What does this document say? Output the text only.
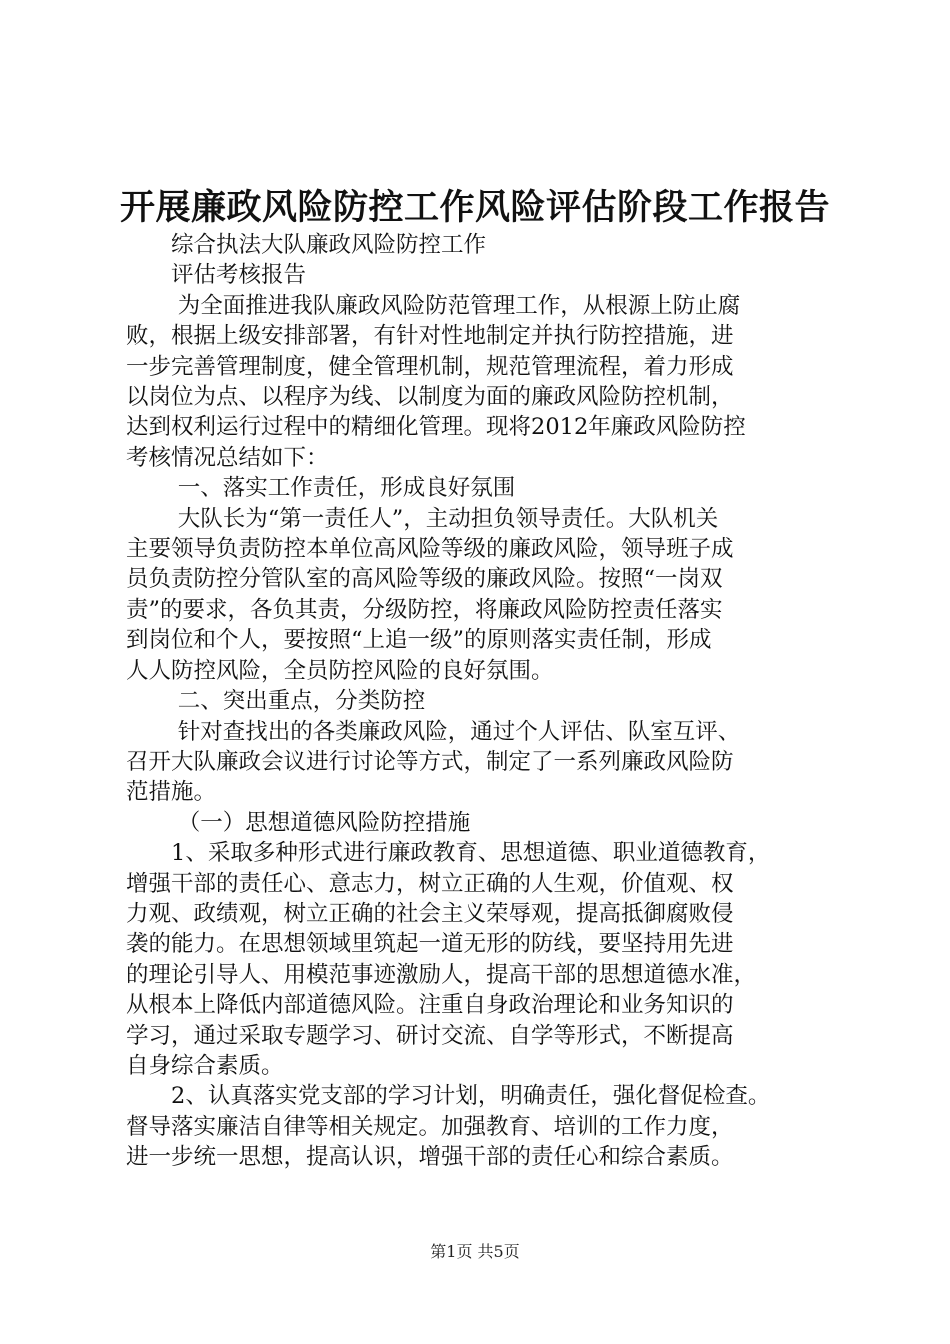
开展廉政风险防控工作风险评估阶段工作报告
综合执法大队廉政风险防控工作
评估考核报告
为全面推进我队廉政风险防范管理工作，从根源上防止腐
败，根据上级安排部署，有针对性地制定并执行防控措施，进
一步完善管理制度，健全管理机制，规范管理流程，着力形成
以岗位为点、以程序为线、以制度为面的廉政风险防控机制，
达到权利运行过程中的精细化管理。现将2012年廉政风险防控
考核情况总结如下：
一、落实工作责任，形成良好氛围
大队长为“第一责任人”，主动担负领导责任。大队机关
主要领导负责防控本单位高风险等级的廉政风险，领导班子成
员负责防控分管队室的高风险等级的廉政风险。按照“一岗双
责”的要求，各负其责，分级防控，将廉政风险防控责任落实
到岗位和个人，要按照“上追一级”的原则落实责任制，形成
人人防控风险，全员防控风险的良好氛围。
二、突出重点，分类防控
针对查找出的各类廉政风险，通过个人评估、队室互评、
召开大队廉政会议进行讨论等方式，制定了一系列廉政风险防
范措施。
（一）思想道德风险防控措施
1、采取多种形式进行廉政教育、思想道德、职业道德教育，
增强干部的责任心、意志力，树立正确的人生观，价值观、权
力观、政绩观，树立正确的社会主义荣辱观，提高抵御腐败侵
袭的能力。在思想领域里筑起一道无形的防线，要坚持用先进
的理论引导人、用模范事迹激励人，提高干部的思想道德水准，
从根本上降低内部道德风险。注重自身政治理论和业务知识的
学习，通过采取专题学习、研讨交流、自学等形式，不断提高
自身综合素质。
2、认真落实党支部的学习计划，明确责任，强化督促检查。
督导落实廉洁自律等相关规定。加强教育、培训的工作力度，
进一步统一思想，提高认识，增强干部的责任心和综合素质。
第1页 共5页
